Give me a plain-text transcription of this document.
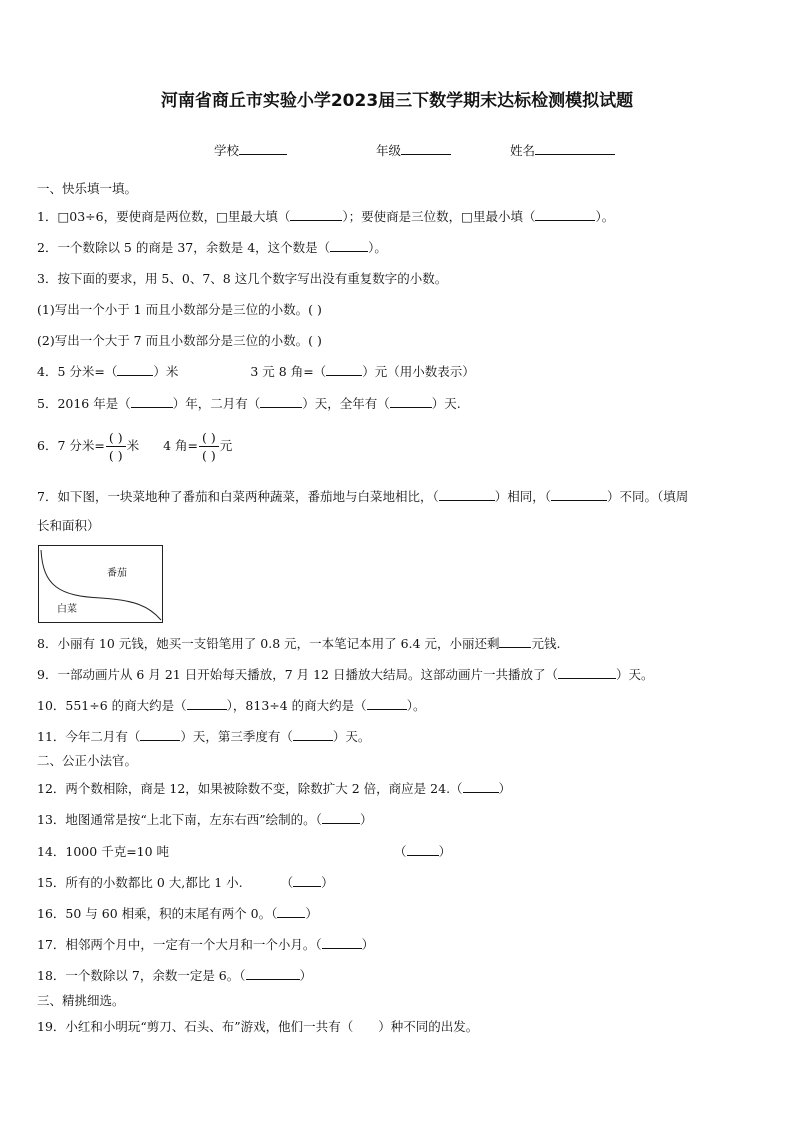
河南省商丘市实验小学2023届三下数学期末达标检测模拟试题
学校	年级	姓名
一、快乐填一填。
1．□03÷6，要使商是两位数，□里最大填（	）；要使商是三位数，□里最小填（	）。
2．一个数除以 5 的商是 37，余数是 4，这个数是（	）。
3．按下面的要求，用 5、0、7、8 这几个数字写出没有重复数字的小数。
(1)写出一个小于 1 而且小数部分是三位的小数。( )
(2)写出一个大于 7 而且小数部分是三位的小数。( )
4．5 分米=（	）米	3 元 8 角=（	）元（用小数表示）
5．2016 年是（	）年，二月有（	）天，全年有（	）天.
6．7 分米= $\frac{( )}{( )}$ 米 4 角= $\frac{( )}{( )}$ 元
7．如下图，一块菜地种了番茄和白菜两种蔬菜，番茄地与白菜地相比，（	）相同，（	）不同。（填周
长和面积）
番茄
白菜
8．小丽有 10 元钱，她买一支铅笔用了 0.8 元，一本笔记本用了 6.4 元，小丽还剩	元钱.
9．一部动画片从 6 月 21 日开始每天播放，7 月 12 日播放大结局。这部动画片一共播放了（	）天。
10．551÷6 的商大约是（	），813÷4 的商大约是（	）。
11．今年二月有（	）天，第三季度有（	）天。
二、公正小法官。
12．两个数相除，商是 12，如果被除数不变，除数扩大 2 倍，商应是 24.（	）
13．地图通常是按“上北下南，左东右西”绘制的。（	）
14．1000 千克=10 吨	（	）
15．所有的小数都比 0 大,都比 1 小.	（ ）
16．50 与 60 相乘，积的末尾有两个 0。（ ）
17．相邻两个月中，一定有一个大月和一个小月。（	）
18．一个数除以 7，余数一定是 6。（	）
三、精挑细选。
19．小红和小明玩“剪刀、石头、布”游戏，他们一共有（　　）种不同的出发。
